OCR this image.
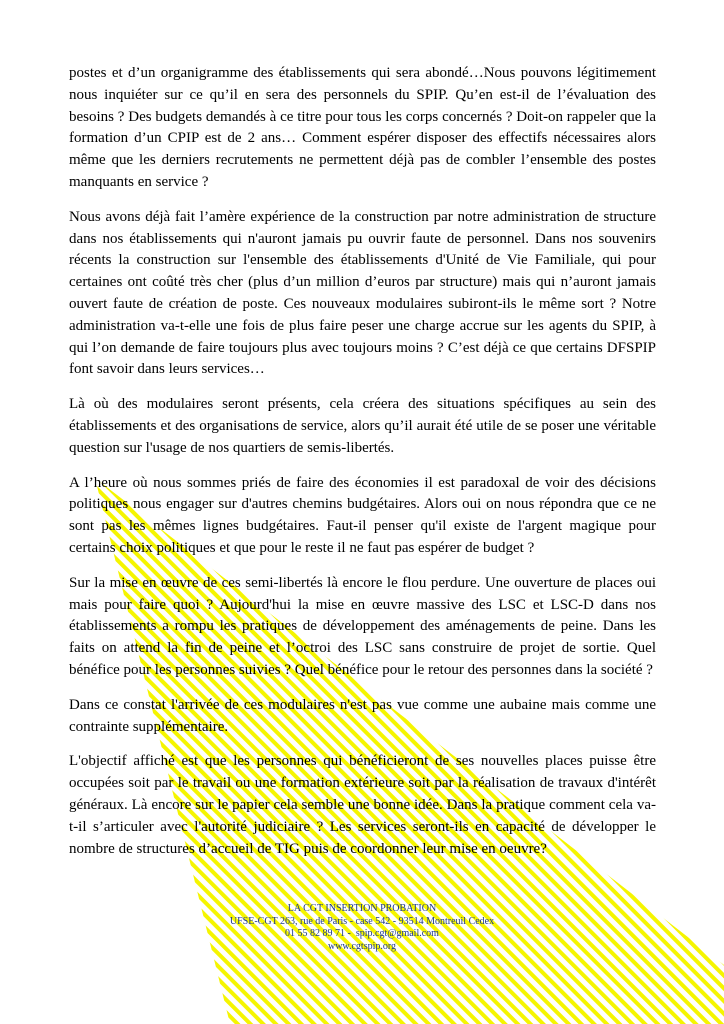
postes et d’un organigramme des établissements qui sera abondé…Nous pouvons légitimement nous inquiéter sur ce qu’il en sera des personnels du SPIP. Qu’en est-il de l’évaluation des besoins ? Des budgets demandés à ce titre pour tous les corps concernés ? Doit-on rappeler que la formation d’un CPIP est de 2 ans… Comment espérer disposer des effectifs nécessaires alors même que les derniers recrutements ne permettent déjà pas de combler l’ensemble des postes manquants en service ?

Nous avons déjà fait l’amère expérience de la construction par notre administration de structure dans nos établissements qui n'auront jamais pu ouvrir faute de personnel. Dans nos souvenirs récents la construction sur l'ensemble des établissements d'Unité de Vie Familiale, qui pour certaines ont coûté très cher (plus d’un million d’euros par structure) mais qui n’auront jamais ouvert faute de création de poste. Ces nouveaux modulaires subiront-ils le même sort ? Notre administration va-t-elle une fois de plus faire peser une charge accrue sur les agents du SPIP, à qui l’on demande de faire toujours plus avec toujours moins ? C’est déjà ce que certains DFSPIP font savoir dans leurs services…

Là où des modulaires seront présents, cela créera des situations spécifiques au sein des établissements et des organisations de service, alors qu’il aurait été utile de se poser une véritable question sur l'usage de nos quartiers de semis-libertés.

A l’heure où nous sommes priés de faire des économies il est paradoxal de voir des décisions politiques nous engager sur d'autres chemins budgétaires. Alors oui on nous répondra que ce ne sont pas les mêmes lignes budgétaires. Faut-il penser qu'il existe de l'argent magique pour certains choix politiques et que pour le reste il ne faut pas espérer de budget ?

Sur la mise en œuvre de ces semi-libertés là encore le flou perdure. Une ouverture de places oui mais pour faire quoi ? Aujourd'hui la mise en œuvre massive des LSC et LSC-D dans nos établissements a rompu les pratiques de développement des aménagements de peine. Dans les faits on attend la fin de peine et l’octroi des LSC sans construire de projet de sortie. Quel bénéfice pour les personnes suivies ? Quel bénéfice pour le retour des personnes dans la société ?

Dans ce constat l'arrivée de ces modulaires n'est pas vue comme une aubaine mais comme une contrainte supplémentaire.

L'objectif affiché est que les personnes qui bénéficieront de ses nouvelles places puisse être occupées soit par le travail ou une formation extérieure soit par la réalisation de travaux d'intérêt généraux. Là encore sur le papier cela semble une bonne idée. Dans la pratique comment cela va-t-il s’articuler avec l'autorité judiciaire ? Les services seront-ils en capacité de développer le nombre de structures d’accueil de TIG puis de coordonner leur mise en oeuvre?

LA CGT INSERTION PROBATION
UFSE-CGT 263, rue de Paris - case 542 - 93514 Montreuil Cedex
01 55 82 89 71 -  spip.cgt@gmail.com
www.cgtspip.org
